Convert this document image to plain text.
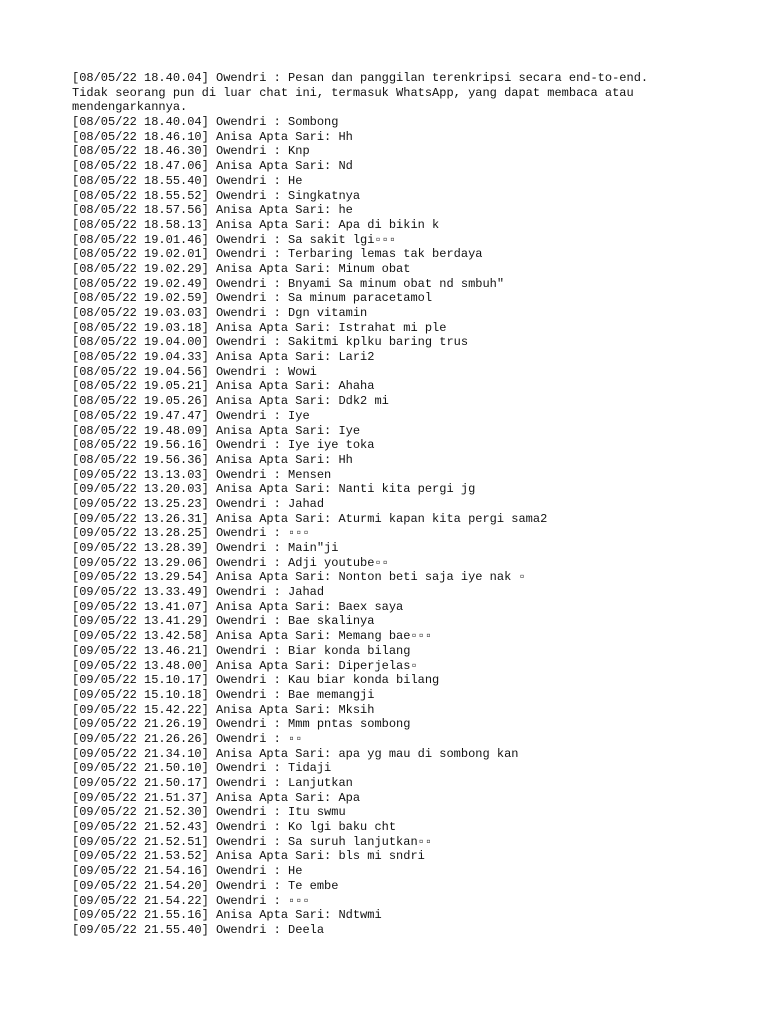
[08/05/22 18.40.04] Owendri : Pesan dan panggilan terenkripsi secara end-to-end.
Tidak seorang pun di luar chat ini, termasuk WhatsApp, yang dapat membaca atau
mendengarkannya.
[08/05/22 18.40.04] Owendri : Sombong
[08/05/22 18.46.10] Anisa Apta Sari: Hh
[08/05/22 18.46.30] Owendri : Knp
[08/05/22 18.47.06] Anisa Apta Sari: Nd
[08/05/22 18.55.40] Owendri : He
[08/05/22 18.55.52] Owendri : Singkatnya
[08/05/22 18.57.56] Anisa Apta Sari: he
[08/05/22 18.58.13] Anisa Apta Sari: Apa di bikin k
[08/05/22 19.01.46] Owendri : Sa sakit lgi▫▫▫
[08/05/22 19.02.01] Owendri : Terbaring lemas tak berdaya
[08/05/22 19.02.29] Anisa Apta Sari: Minum obat
[08/05/22 19.02.49] Owendri : Bnyami Sa minum obat nd smbuh"
[08/05/22 19.02.59] Owendri : Sa minum paracetamol
[08/05/22 19.03.03] Owendri : Dgn vitamin
[08/05/22 19.03.18] Anisa Apta Sari: Istrahat mi ple
[08/05/22 19.04.00] Owendri : Sakitmi kplku baring trus
[08/05/22 19.04.33] Anisa Apta Sari: Lari2
[08/05/22 19.04.56] Owendri : Wowi
[08/05/22 19.05.21] Anisa Apta Sari: Ahaha
[08/05/22 19.05.26] Anisa Apta Sari: Ddk2 mi
[08/05/22 19.47.47] Owendri : Iye
[08/05/22 19.48.09] Anisa Apta Sari: Iye
[08/05/22 19.56.16] Owendri : Iye iye toka
[08/05/22 19.56.36] Anisa Apta Sari: Hh
[09/05/22 13.13.03] Owendri : Mensen
[09/05/22 13.20.03] Anisa Apta Sari: Nanti kita pergi jg
[09/05/22 13.25.23] Owendri : Jahad
[09/05/22 13.26.31] Anisa Apta Sari: Aturmi kapan kita pergi sama2
[09/05/22 13.28.25] Owendri : ▫▫▫
[09/05/22 13.28.39] Owendri : Main"ji
[09/05/22 13.29.06] Owendri : Adji youtube▫▫
[09/05/22 13.29.54] Anisa Apta Sari: Nonton beti saja iye nak ▫
[09/05/22 13.33.49] Owendri : Jahad
[09/05/22 13.41.07] Anisa Apta Sari: Baex saya
[09/05/22 13.41.29] Owendri : Bae skalinya
[09/05/22 13.42.58] Anisa Apta Sari: Memang bae▫▫▫
[09/05/22 13.46.21] Owendri : Biar konda bilang
[09/05/22 13.48.00] Anisa Apta Sari: Diperjelas▫
[09/05/22 15.10.17] Owendri : Kau biar konda bilang
[09/05/22 15.10.18] Owendri : Bae memangji
[09/05/22 15.42.22] Anisa Apta Sari: Mksih
[09/05/22 21.26.19] Owendri : Mmm pntas sombong
[09/05/22 21.26.26] Owendri : ▫▫
[09/05/22 21.34.10] Anisa Apta Sari: apa yg mau di sombong kan
[09/05/22 21.50.10] Owendri : Tidaji
[09/05/22 21.50.17] Owendri : Lanjutkan
[09/05/22 21.51.37] Anisa Apta Sari: Apa
[09/05/22 21.52.30] Owendri : Itu swmu
[09/05/22 21.52.43] Owendri : Ko lgi baku cht
[09/05/22 21.52.51] Owendri : Sa suruh lanjutkan▫▫
[09/05/22 21.53.52] Anisa Apta Sari: bls mi sndri
[09/05/22 21.54.16] Owendri : He
[09/05/22 21.54.20] Owendri : Te embe
[09/05/22 21.54.22] Owendri : ▫▫▫
[09/05/22 21.55.16] Anisa Apta Sari: Ndtwmi
[09/05/22 21.55.40] Owendri : Deela
